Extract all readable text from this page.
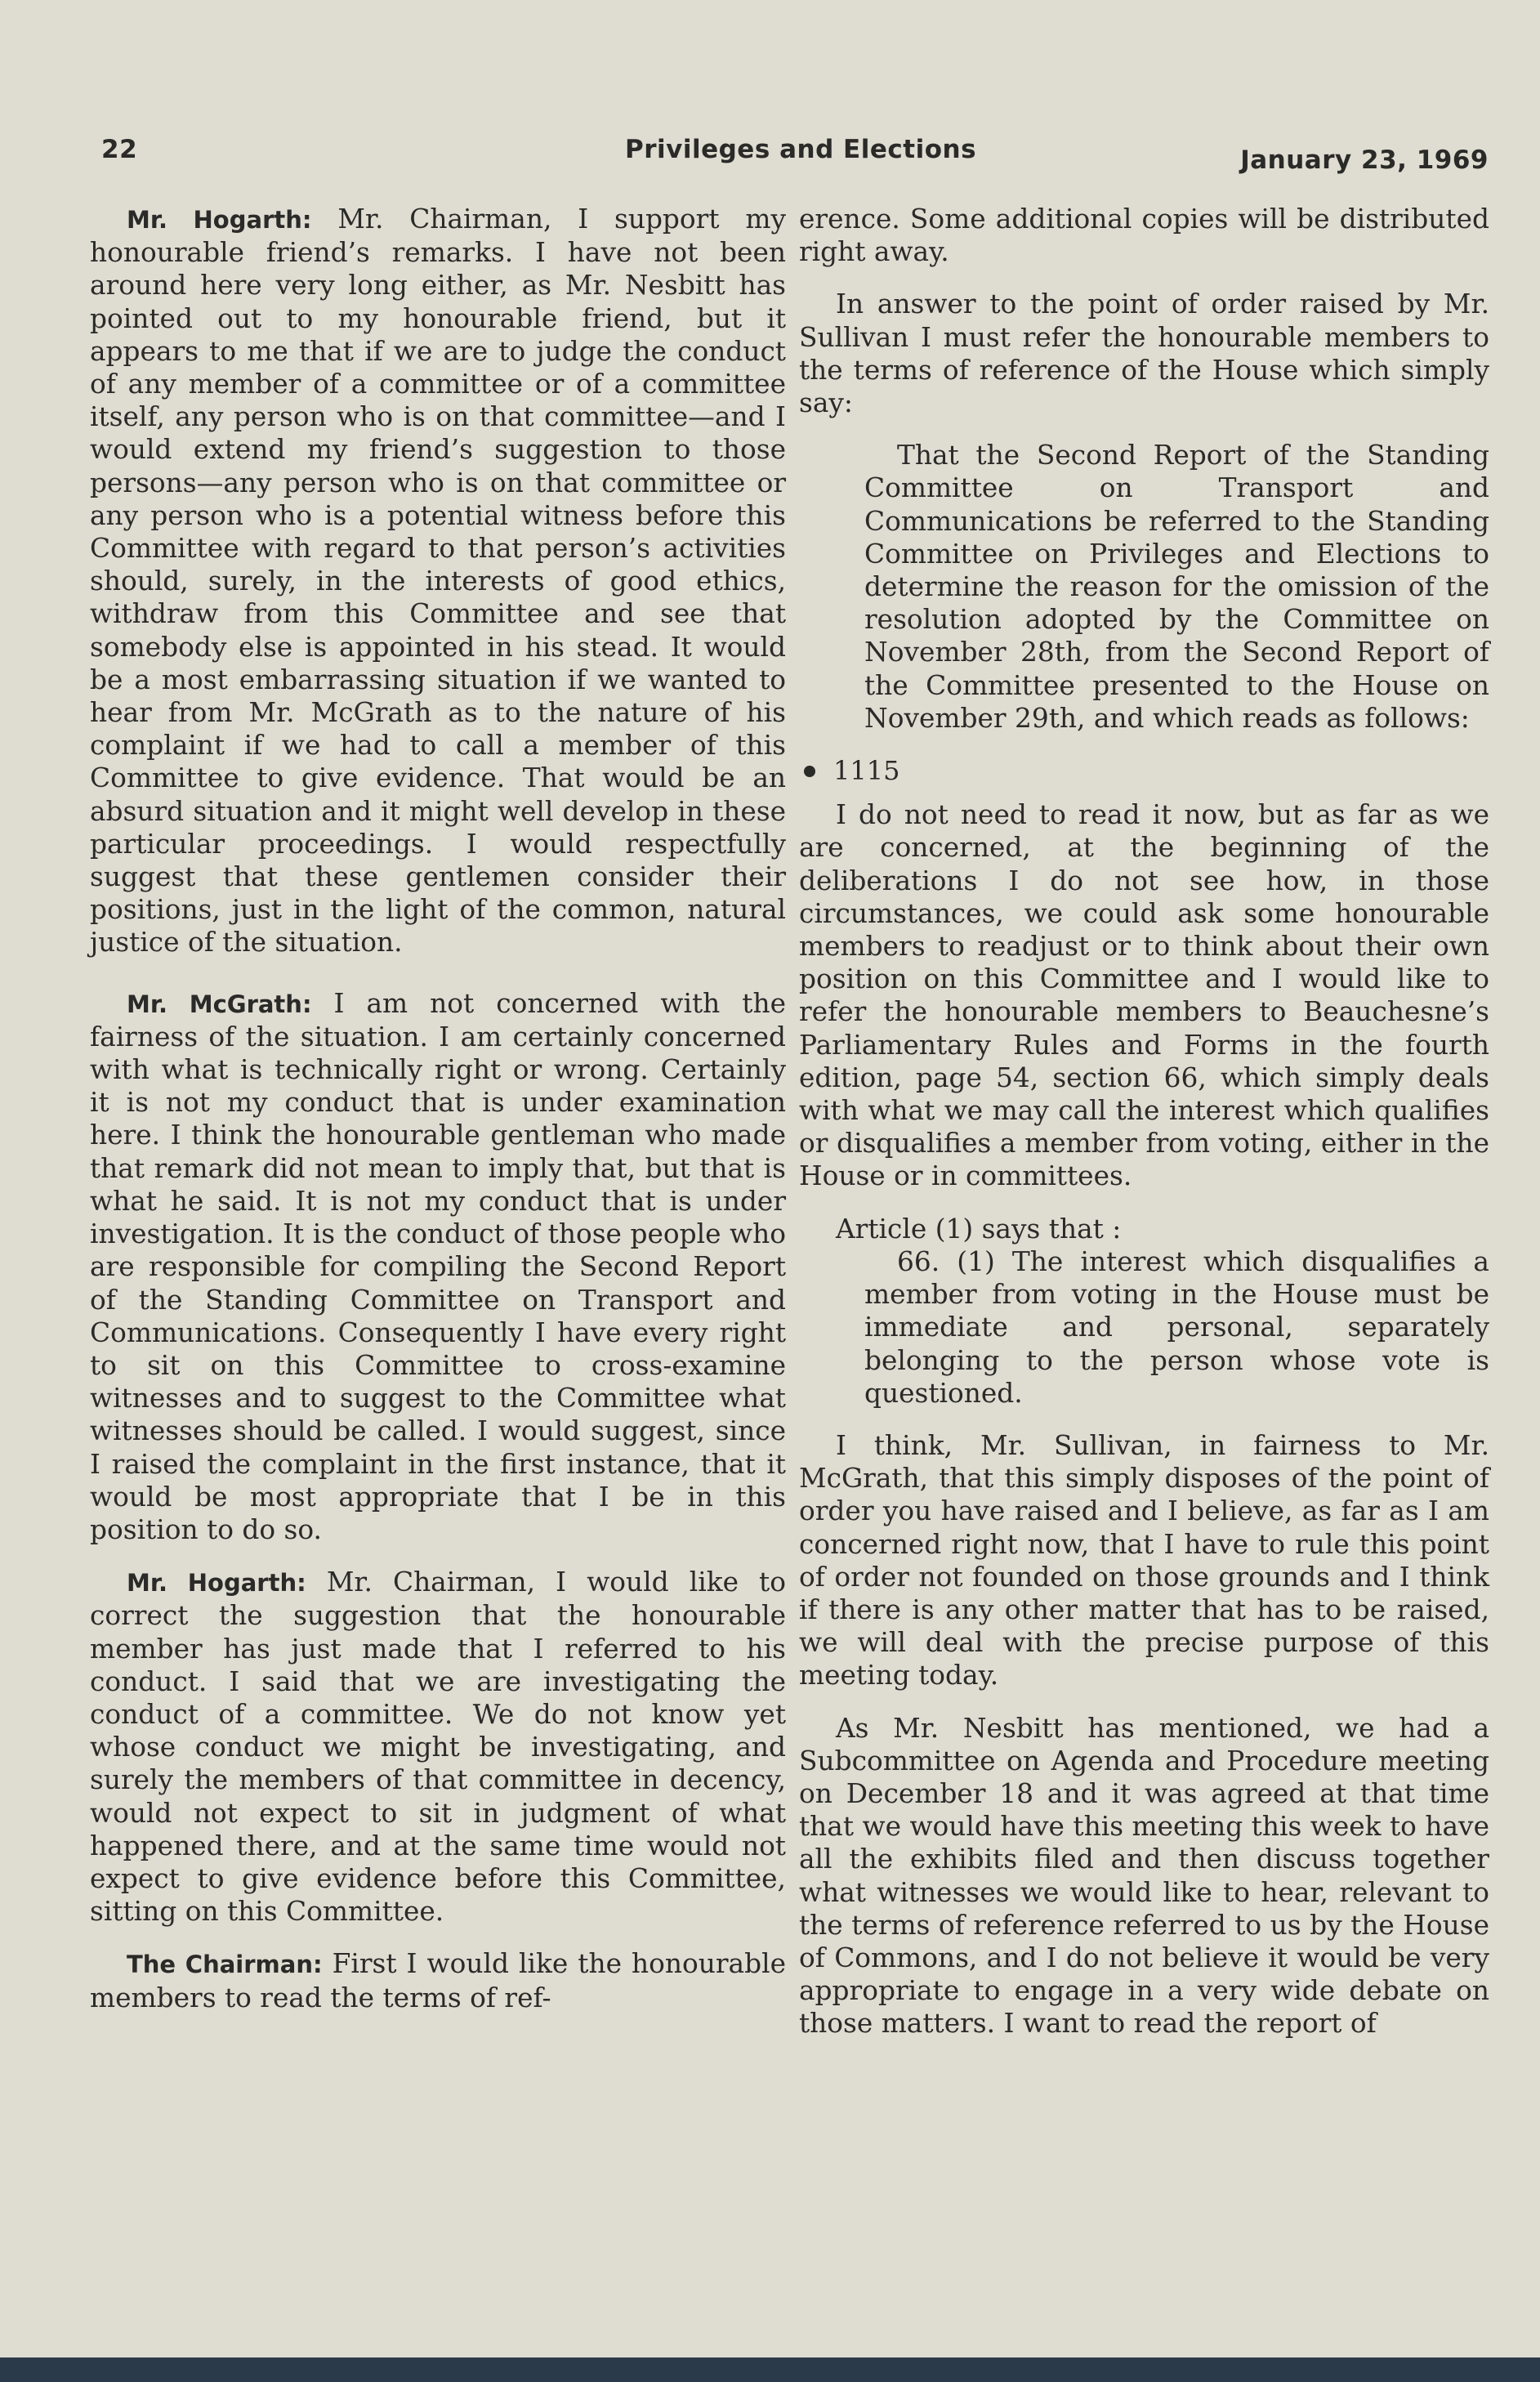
22	Privileges and Elections	January 23, 1969

Mr. Hogarth: Mr. Chairman, I support my honourable friend’s remarks. I have not been around here very long either, as Mr. Nesbitt has pointed out to my honourable friend, but it appears to me that if we are to judge the conduct of any member of a committee or of a committee itself, any person who is on that committee—and I would extend my friend’s suggestion to those persons—any person who is on that committee or any person who is a potential witness before this Committee with regard to that person’s activities should, surely, in the interests of good ethics, withdraw from this Committee and see that somebody else is appointed in his stead. It would be a most embarrassing situation if we wanted to hear from Mr. McGrath as to the nature of his complaint if we had to call a member of this Committee to give evidence. That would be an absurd situation and it might well develop in these particular proceedings. I would respectfully suggest that these gentlemen consider their positions, just in the light of the common, natural justice of the situation.

Mr. McGrath: I am not concerned with the fairness of the situation. I am certainly concerned with what is technically right or wrong. Certainly it is not my conduct that is under examination here. I think the honourable gentleman who made that remark did not mean to imply that, but that is what he said. It is not my conduct that is under investigation. It is the conduct of those people who are responsible for compiling the Second Report of the Standing Committee on Transport and Communications. Consequently I have every right to sit on this Committee to cross-examine witnesses and to suggest to the Committee what witnesses should be called. I would suggest, since I raised the complaint in the first instance, that it would be most appropriate that I be in this position to do so.

Mr. Hogarth: Mr. Chairman, I would like to correct the suggestion that the honourable member has just made that I referred to his conduct. I said that we are investigating the conduct of a committee. We do not know yet whose conduct we might be investigating, and surely the members of that committee in decency, would not expect to sit in judgment of what happened there, and at the same time would not expect to give evidence before this Committee, sitting on this Committee.

The Chairman: First I would like the honourable members to read the terms of ref-

erence. Some additional copies will be distributed right away.

In answer to the point of order raised by Mr. Sullivan I must refer the honourable members to the terms of reference of the House which simply say:

That the Second Report of the Standing Committee on Transport and Communications be referred to the Standing Committee on Privileges and Elections to determine the reason for the omission of the resolution adopted by the Committee on November 28th, from the Second Report of the Committee presented to the House on November 29th, and which reads as follows:

1115

I do not need to read it now, but as far as we are concerned, at the beginning of the deliberations I do not see how, in those circumstances, we could ask some honourable members to readjust or to think about their own position on this Committee and I would like to refer the honourable members to Beauchesne’s Parliamentary Rules and Forms in the fourth edition, page 54, section 66, which simply deals with what we may call the interest which qualifies or disqualifies a member from voting, either in the House or in committees.

Article (1) says that :

66. (1) The interest which disqualifies a member from voting in the House must be immediate and personal, separately belonging to the person whose vote is questioned.

I think, Mr. Sullivan, in fairness to Mr. McGrath, that this simply disposes of the point of order you have raised and I believe, as far as I am concerned right now, that I have to rule this point of order not founded on those grounds and I think if there is any other matter that has to be raised, we will deal with the precise purpose of this meeting today.

As Mr. Nesbitt has mentioned, we had a Subcommittee on Agenda and Procedure meeting on December 18 and it was agreed at that time that we would have this meeting this week to have all the exhibits filed and then discuss together what witnesses we would like to hear, relevant to the terms of reference referred to us by the House of Commons, and I do not believe it would be very appropriate to engage in a very wide debate on those matters. I want to read the report of
